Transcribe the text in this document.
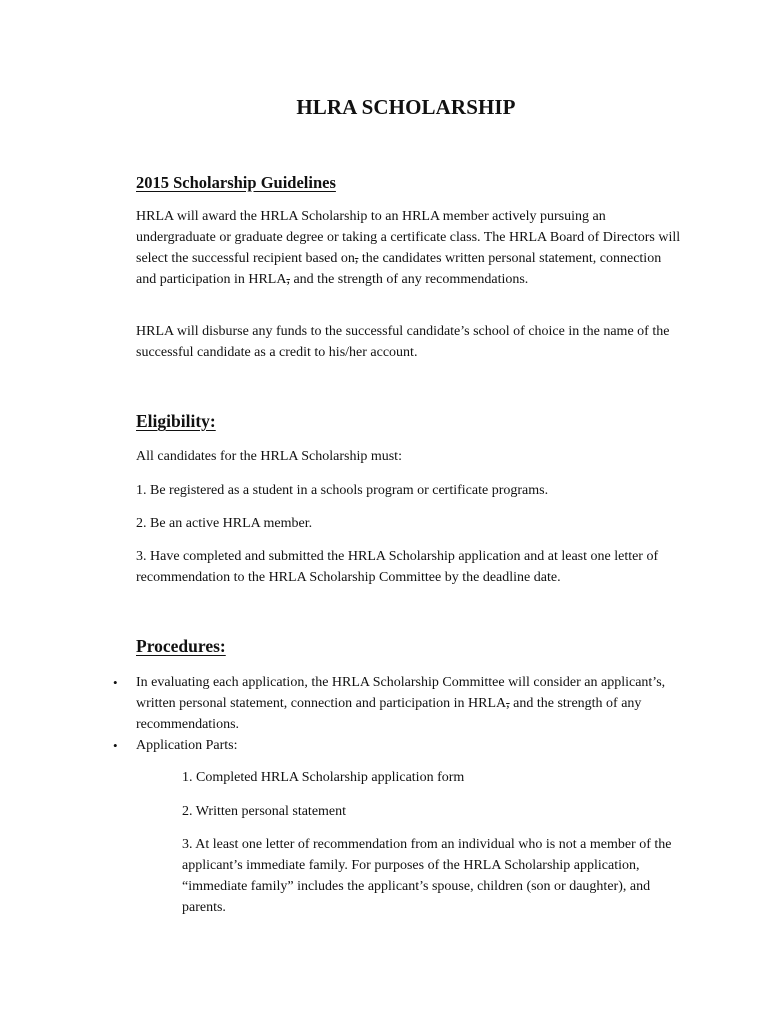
HLRA SCHOLARSHIP
2015 Scholarship Guidelines

HRLA will award the HRLA Scholarship to an HRLA member actively pursuing an undergraduate or graduate degree or taking a certificate class. The HRLA Board of Directors will select the successful recipient based on, the candidates written personal statement, connection and participation in HRLA, and the strength of any recommendations.

HRLA will disburse any funds to the successful candidate’s school of choice in the name of the successful candidate as a credit to his/her account.

Eligibility:

All candidates for the HRLA Scholarship must:

1. Be registered as a student in a schools program or certificate programs.

2. Be an active HRLA member.

3. Have completed and submitted the HRLA Scholarship application and at least one letter of recommendation to the HRLA Scholarship Committee by the deadline date.

Procedures:
• In evaluating each application, the HRLA Scholarship Committee will consider an applicant’s, written personal statement, connection and participation in HRLA, and the strength of any recommendations.
• Application Parts:

1. Completed HRLA Scholarship application form

2. Written personal statement

3. At least one letter of recommendation from an individual who is not a member of the applicant’s immediate family. For purposes of the HRLA Scholarship application, “immediate family” includes the applicant’s spouse, children (son or daughter), and parents.
